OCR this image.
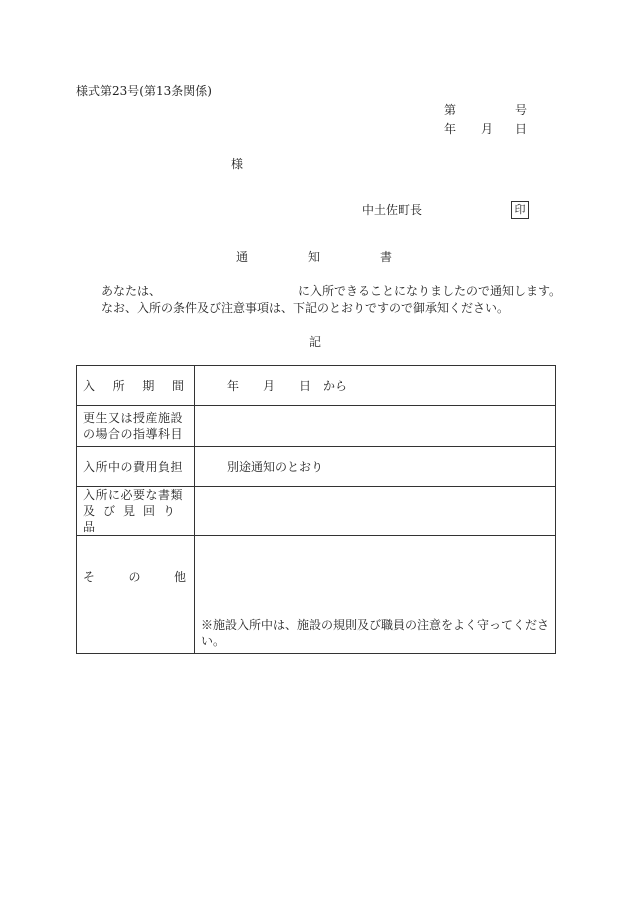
様式第23号(第13条関係)
第	号
年 月 日
様
中土佐町長	印
通	知	書
あなたは、	に入所できることになりましたので通知します。
なお、入所の条件及び注意事項は、下記のとおりですので御承知ください。
記
入 所 期 間	年　　月　　日　から

更生又は授産施設
の場合の指導科目	

入所中の費用負担	別途通知のとおり

入所に必要な書類
及び見回り品	

そ の 他	※施設入所中は、施設の規則及び職員の注意をよく守ってください。
